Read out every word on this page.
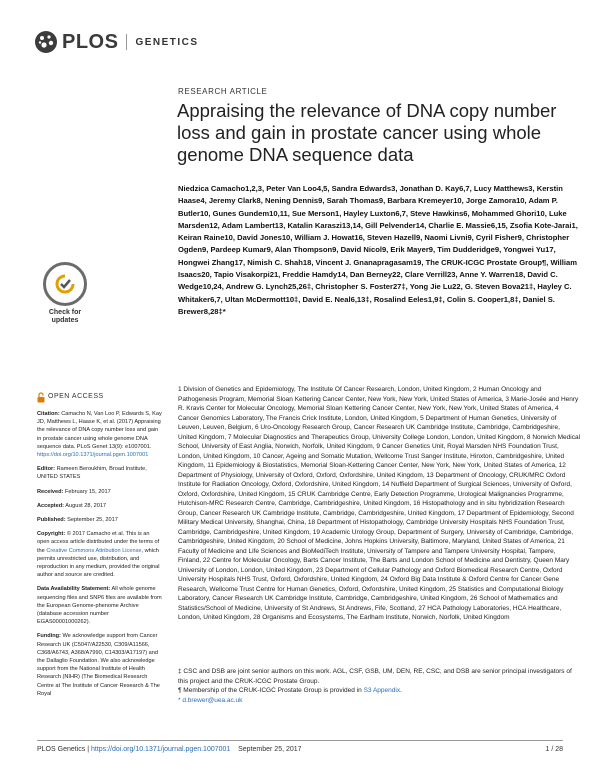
PLOS GENETICS
RESEARCH ARTICLE
Appraising the relevance of DNA copy number loss and gain in prostate cancer using whole genome DNA sequence data

Niedzica Camacho1,2,3, Peter Van Loo4,5, Sandra Edwards3, Jonathan D. Kay6,7, Lucy Matthews3, Kerstin Haase4, Jeremy Clark8, Nening Dennis9, Sarah Thomas9, Barbara Kremeyer10, Jorge Zamora10, Adam P. Butler10, Gunes Gundem10,11, Sue Merson1, Hayley Luxton6,7, Steve Hawkins6, Mohammed Ghori10, Luke Marsden12, Adam Lambert13, Katalin Karaszi13,14, Gill Pelvender14, Charlie E. Massie6,15, Zsofia Kote-Jarai1, Keiran Raine10, David Jones10, William J. Howat16, Steven Hazell9, Naomi Livni9, Cyril Fisher9, Christopher Ogden9, Pardeep Kumar9, Alan Thompson9, David Nicol9, Erik Mayer9, Tim Dudderidge9, Yongwei Yu17, Hongwei Zhang17, Nimish C. Shah18, Vincent J. Gnanapragasam19, The CRUK-ICGC Prostate Group¶, William Isaacs20, Tapio Visakorpi21, Freddie Hamdy14, Dan Berney22, Clare Verrill23, Anne Y. Warren18, David C. Wedge10,24, Andrew G. Lynch25,26‡, Christopher S. Foster27‡, Yong Jie Lu22, G. Steven Bova21‡, Hayley C. Whitaker6,7, Ultan McDermott10‡, David E. Neal6,13‡, Rosalind Eeles1,9‡, Colin S. Cooper1,8‡, Daniel S. Brewer8,28‡*

Check for
updates
OPEN ACCESS

Citation: Camacho N, Van Loo P, Edwards S, Kay JD, Matthews L, Haase K, et al. (2017) Appraising the relevance of DNA copy number loss and gain in prostate cancer using whole genome DNA sequence data. PLoS Genet 13(9): e1007001. https://doi.org/10.1371/journal.pgen.1007001

Editor: Rameen Beroukhim, Broad Institute, UNITED STATES

Received: February 15, 2017

Accepted: August 28, 2017

Published: September 25, 2017

Copyright: © 2017 Camacho et al. This is an open access article distributed under the terms of the Creative Commons Attribution License, which permits unrestricted use, distribution, and reproduction in any medium, provided the original author and source are credited.

Data Availability Statement: All whole genome sequencing files and SNP6 files are available from the European Genome-phenome Archive (database accession number EGAS00001000262).

Funding: We acknowledge support from Cancer Research UK (C5047/A22530, C309/A11566, C368/A6743, A368/A7990, C14303/A17197) and the Dallaglio Foundation. We also acknowledge support from the National Institute of Health Research (NIHR) (The Biomedical Research Centre at The Institute of Cancer Research & The Royal

1 Division of Genetics and Epidemiology, The Institute Of Cancer Research, London, United Kingdom, 2 Human Oncology and Pathogenesis Program, Memorial Sloan Kettering Cancer Center, New York, New York, United States of America, 3 Marie-Josée and Henry R. Kravis Center for Molecular Oncology, Memorial Sloan Kettering Cancer Center, New York, New York, United States of America, 4 Cancer Genomics Laboratory, The Francis Crick Institute, London, United Kingdom, 5 Department of Human Genetics, University of Leuven, Leuven, Belgium, 6 Uro-Oncology Research Group, Cancer Research UK Cambridge Institute, Cambridge, Cambridgeshire, United Kingdom, 7 Molecular Diagnostics and Therapeutics Group, University College London, London, United Kingdom, 8 Norwich Medical School, University of East Anglia, Norwich, Norfolk, United Kingdom, 9 Cancer Genetics Unit, Royal Marsden NHS Foundation Trust, London, United Kingdom, 10 Cancer, Ageing and Somatic Mutation, Wellcome Trust Sanger Institute, Hinxton, Cambridgeshire, United Kingdom, 11 Epidemiology & Biostatistics, Memorial Sloan-Kettering Cancer Center, New York, New York, United States of America, 12 Department of Physiology, University of Oxford, Oxford, Oxfordshire, United Kingdom, 13 Department of Oncology, CRUK/MRC Oxford Institute for Radiation Oncology, Oxford, Oxfordshire, United Kingdom, 14 Nuffield Department of Surgical Sciences, University of Oxford, Oxford, Oxfordshire, United Kingdom, 15 CRUK Cambridge Centre, Early Detection Programme, Urological Malignancies Programme, Hutchison-MRC Research Centre, Cambridge, Cambridgeshire, United Kingdom, 16 Histopathology and in situ hybridization Research Group, Cancer Research UK Cambridge Institute, Cambridge, Cambridgeshire, United Kingdom, 17 Department of Epidemiology, Second Military Medical University, Shanghai, China, 18 Department of Histopathology, Cambridge University Hospitals NHS Foundation Trust, Cambridge, Cambridgeshire, United Kingdom, 19 Academic Urology Group, Department of Surgery, University of Cambridge, Cambridge, Cambridgeshire, United Kingdom, 20 School of Medicine, Johns Hopkins University, Baltimore, Maryland, United States of America, 21 Faculty of Medicine and Life Sciences and BioMediTech Institute, University of Tampere and Tampere University Hospital, Tampere, Finland, 22 Centre for Molecular Oncology, Barts Cancer Institute, The Barts and London School of Medicine and Dentistry, Queen Mary University of London, London, United Kingdom, 23 Department of Cellular Pathology and Oxford Biomedical Research Centre, Oxford University Hospitals NHS Trust, Oxford, Oxfordshire, United Kingdom, 24 Oxford Big Data Institute & Oxford Centre for Cancer Gene Research, Wellcome Trust Centre for Human Genetics, Oxford, Oxfordshire, United Kingdom, 25 Statistics and Computational Biology Laboratory, Cancer Research UK Cambridge Institute, Cambridge, Cambridgeshire, United Kingdom, 26 School of Mathematics and Statistics/School of Medicine, University of St Andrews, St Andrews, Fife, Scotland, 27 HCA Pathology Laboratories, HCA Healthcare, London, United Kingdom, 28 Organisms and Ecosystems, The Earlham Institute, Norwich, Norfolk, United Kingdom

‡ CSC and DSB are joint senior authors on this work. AGL, CSF, GSB, UM, DEN, RE, CSC, and DSB are senior principal investigators of this project and the CRUK-ICGC Prostate Group.

¶ Membership of the CRUK-ICGC Prostate Group is provided in S3 Appendix.

* d.brewer@uea.ac.uk

PLOS Genetics | https://doi.org/10.1371/journal.pgen.1007001 September 25, 2017	1 / 28
